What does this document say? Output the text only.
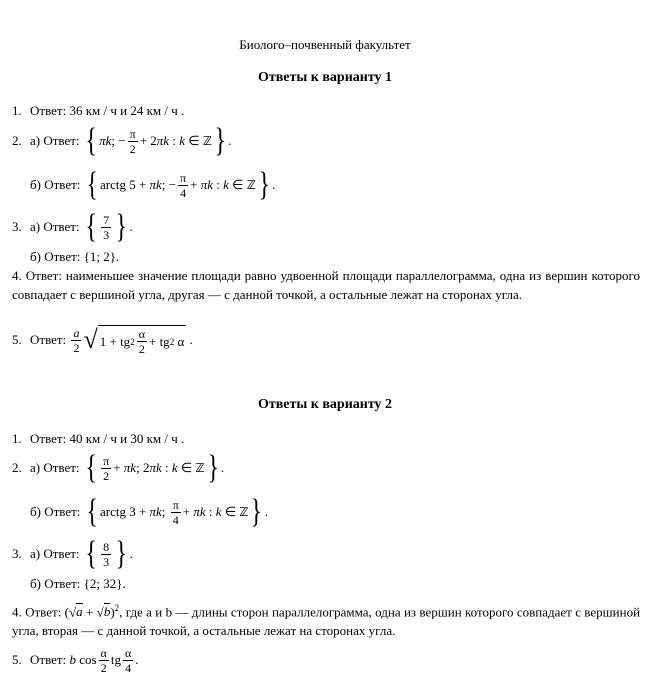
Биолого–почвенный факультет
Ответы к варианту 1
1. Ответ: 36 км / ч и 24 км / ч .
2. а) Ответ:
{ πk ; − $\frac{\pi}{2} + 2$ πk : k ∈ ℤ } .
б) Ответ:
{ arctg 5 + πk ; − $\frac{\pi}{4} + \pi k$ : k ∈ ℤ } .
3. а) Ответ:
{ $\frac{7}{3}$ } .
б) Ответ: {1; 2}.
4. Ответ: наименьшее значение площади равно удвоенной площади параллелограмма, одна из вершин которого совпадает с вершиной угла, другая — с данной точкой, а остальные лежат на сторонах угла.
5. Ответ:
$\frac{a}{2}$ √ 1 + tg $2 \frac{\alpha}{2}$ + tg 2 α .
Ответы к варианту 2
1. Ответ: 40 км / ч и 30 км / ч .
2. а) Ответ:
{ $\frac{\pi}{2} + \pi k$ ; 2 πk : k ∈ ℤ } .
б) Ответ:
{ arctg 3 + πk ; $\frac{\pi}{4} + \pi k$ : k ∈ ℤ } .
3. а) Ответ:
{ $\frac{8}{3}$ } .
б) Ответ: {2; 32}.
4. Ответ: $(√a + √b)^2$, где a и b — длины сторон параллелограмма, одна из вершин которого совпадает с вершиной угла, вторая — с данной точкой, а остальные лежат на сторонах угла.
5. Ответ:
b $\cos \frac{\alpha}{2}$ tg $\frac{\alpha}{4}$ .
